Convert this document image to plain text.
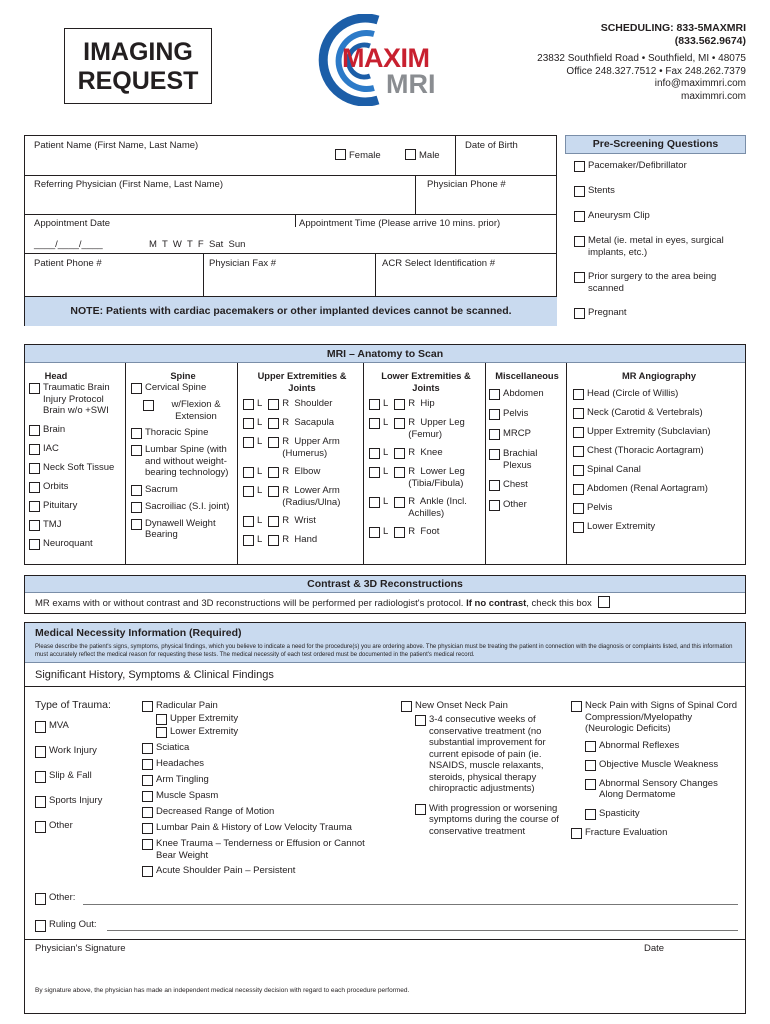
IMAGING
REQUEST
MAXIM
MRI
SCHEDULING: 833-5MAXMRI
(833.562.9674)
23832 Southfield Road • Southfield, MI • 48075
Office 248.327.7512 • Fax 248.262.7379
info@maximmri.com
maximmri.com
Patient Name (First Name, Last Name)
Female	Male
Date of Birth
Referring Physician (First Name, Last Name)	Physician Phone #
Appointment Date	Appointment Time (Please arrive 10 mins. prior)
____/____/____	M  T  W  T  F  Sat  Sun
Patient Phone #	Physician Fax #	ACR Select Identification #
NOTE: Patients with cardiac pacemakers or other implanted devices cannot be scanned.
Pre-Screening Questions
Pacemaker/Defibrillator
Stents
Aneurysm Clip
Metal (ie. metal in eyes, surgical implants, etc.)
Prior surgery to the area being scanned
Pregnant
MRI – Anatomy to Scan
Head
Traumatic Brain Injury Protocol Brain w/o +SWI
Brain
IAC
Neck Soft Tissue
Orbits
Pituitary
TMJ
Neuroquant
Spine
Cervical Spine
w/Flexion & Extension
Thoracic Spine
Lumbar Spine (with and without weight-bearing technology)
Sacrum
Sacroiliac (S.I. joint)
Dynawell Weight Bearing
Upper Extremities & Joints
L R  Shoulder
L R  Sacapula
L R  Upper Arm (Humerus)
L R  Elbow
L R  Lower Arm (Radius/Ulna)
L R  Wrist
L R  Hand
Lower Extremities & Joints
L R  Hip
L R  Upper Leg (Femur)
L R  Knee
L R  Lower Leg (Tibia/Fibula)
L R  Ankle (Incl. Achilles)
L R  Foot
Miscellaneous
Abdomen
Pelvis
MRCP
Brachial Plexus
Chest
Other
MR Angiography
Head (Circle of Willis)
Neck (Carotid & Vertebrals)
Upper Extremity (Subclavian)
Chest (Thoracic Aortagram)
Spinal Canal
Abdomen (Renal Aortagram)
Pelvis
Lower Extremity
Contrast & 3D Reconstructions
MR exams with or without contrast and 3D reconstructions will be performed per radiologist's protocol. If no contrast, check this box
Medical Necessity Information (Required)
Please describe the patient's signs, symptoms, physical findings, which you believe to indicate a need for the procedure(s) you are ordering above. The physician must be treating the patient in connection with the diagnosis or complaints listed, and this information must accurately reflect the medical reason for requesting these tests. The medical necessity of each test ordered must be documented in the patient's medical record.
Significant History, Symptoms & Clinical Findings
Type of Trauma:
MVA
Work Injury
Slip & Fall
Sports Injury
Other
Radicular Pain
Upper Extremity
Lower Extremity
Sciatica
Headaches
Arm Tingling
Muscle Spasm
Decreased Range of Motion
Lumbar Pain & History of Low Velocity Trauma
Knee Trauma – Tenderness or Effusion or Cannot Bear Weight
Acute Shoulder Pain – Persistent
New Onset Neck Pain
3-4 consecutive weeks of conservative treatment (no substantial improvement for current episode of pain (ie. NSAIDS, muscle relaxants, steroids, physical therapy chiropractic adjustments)
With progression or worsening symptoms during the course of conservative treatment
Neck Pain with Signs of Spinal Cord Compression/Myelopathy (Neurologic Deficits)
Abnormal Reflexes
Objective Muscle Weakness
Abnormal Sensory Changes Along Dermatome
Spasticity
Fracture Evaluation
Other:
Ruling Out:
Physician's Signature	Date
By signature above, the physician has made an independent medical necessity decision with regard to each procedure performed.
